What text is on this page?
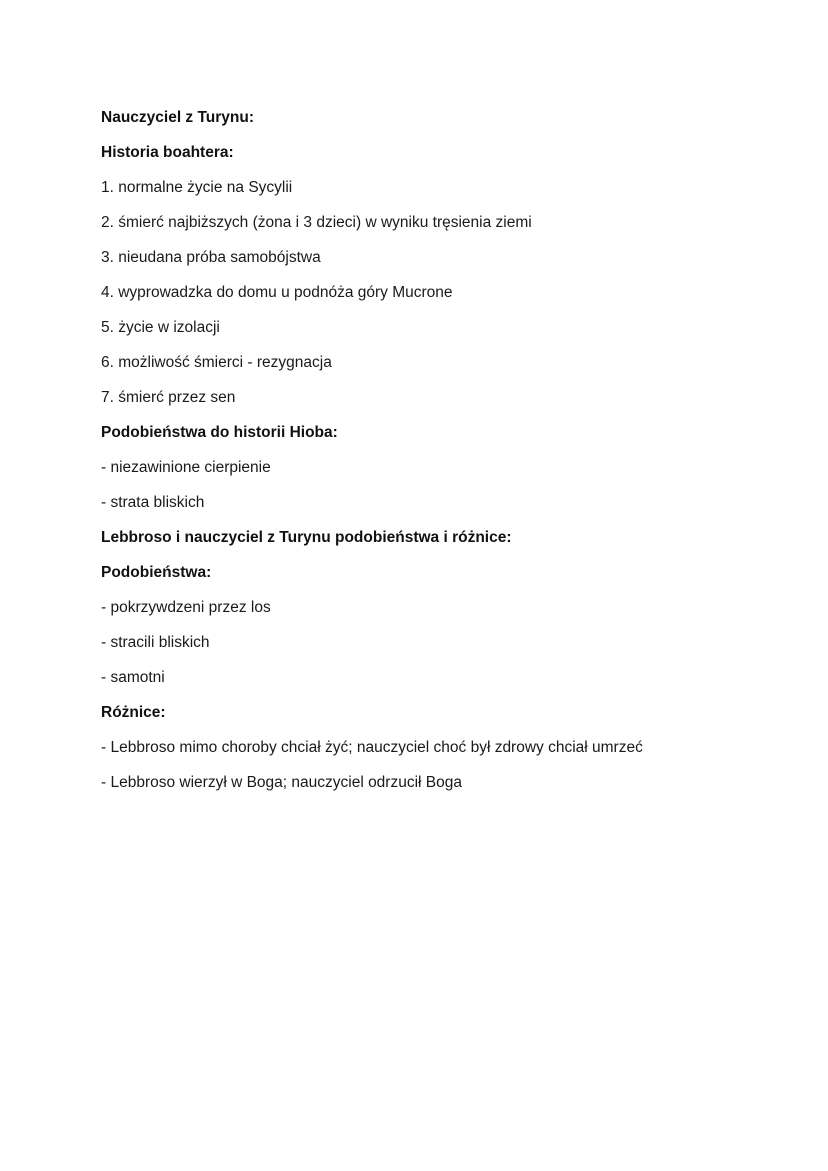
Nauczyciel z Turynu:
Historia boahtera:
1. normalne życie na Sycylii
2. śmierć najbiższych (żona i 3 dzieci) w wyniku tręsienia ziemi
3. nieudana próba samobójstwa
4. wyprowadzka do domu u podnóża góry Mucrone
5. życie w izolacji
6. możliwość śmierci - rezygnacja
7. śmierć przez sen
Podobieństwa do historii Hioba:
- niezawinione cierpienie
- strata bliskich
Lebbroso i nauczyciel z Turynu podobieństwa i różnice:
Podobieństwa:
- pokrzywdzeni przez los
- stracili bliskich
- samotni
Różnice:
- Lebbroso mimo choroby chciał żyć; nauczyciel choć był zdrowy chciał umrzeć
- Lebbroso wierzył w Boga; nauczyciel odrzucił Boga
